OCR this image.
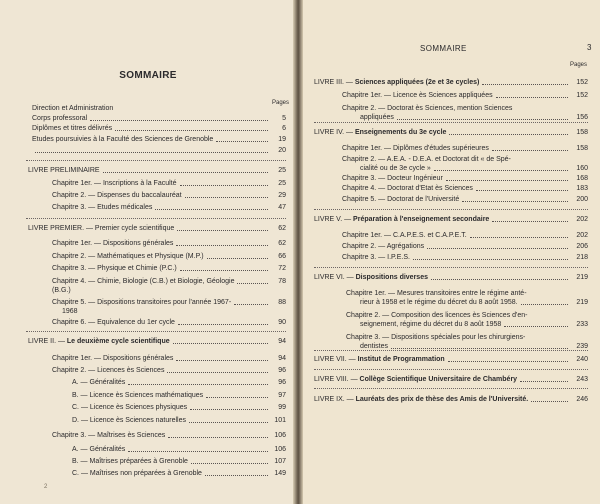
SOMMAIRE
Pages
2
Direction et Administration
Corps professoral	5
Diplômes et titres délivrés	6
Etudes poursuivies à la Faculté des Sciences de Grenoble	19
20
LIVRE PRELIMINAIRE	25
Chapitre 1er. — Inscriptions à la Faculté	25
Chapitre 2. — Dispenses du baccalauréat	29
Chapitre 3. — Etudes médicales	47
LIVRE PREMIER. — Premier cycle scientifique	62
Chapitre 1er. — Dispositions générales	62
Chapitre 2. — Mathématiques et Physique (M.P.)	66
Chapitre 3. — Physique et Chimie (P.C.)	72
Chapitre 4. — Chimie, Biologie (C.B.) et Biologie, Géologie	78
(B.G.)
Chapitre 5. — Dispositions transitoires pour l'année 1967-	88
1968
Chapitre 6. — Equivalence du 1er cycle	90
LIVRE II. — Le deuxième cycle scientifique	94
Chapitre 1er. — Dispositions générales	94
Chapitre 2. — Licences ès Sciences	96
A. — Généralités	96
B. — Licence ès Sciences mathématiques	97
C. — Licence ès Sciences physiques	99
D. — Licence ès Sciences naturelles	101
Chapitre 3. — Maîtrises ès Sciences	106
A. — Généralités	106
B. — Maîtrises préparées à Grenoble	107
C. — Maîtrises non préparées à Grenoble	149
SOMMAIRE	3
Pages
LIVRE III. — Sciences appliquées (2e et 3e cycles)	152
Chapitre 1er. — Licence ès Sciences appliquées	152
Chapitre 2. — Doctorat ès Sciences, mention Sciences
appliquées	156
LIVRE IV. — Enseignements du 3e cycle	158
Chapitre 1er. — Diplômes d'études supérieures	158
Chapitre 2. — A.E.A. - D.E.A. et Doctorat dit « de Spé-
cialité ou de 3e cycle »	160
Chapitre 3. — Docteur Ingénieur	168
Chapitre 4. — Doctorat d'Etat ès Sciences	183
Chapitre 5. — Doctorat de l'Université	200
LIVRE V. — Préparation à l'enseignement secondaire	202
Chapitre 1er. — C.A.P.E.S. et C.A.P.E.T.	202
Chapitre 2. — Agrégations	206
Chapitre 3. — I.P.E.S.	218
LIVRE VI. — Dispositions diverses	219
Chapitre 1er. — Mesures transitoires entre le régime anté-
rieur à 1958 et le régime du décret du 8 août 1958.	219
Chapitre 2. — Composition des licences ès Sciences d'en-
seignement, régime du décret du 8 août 1958	233
Chapitre 3. — Dispositions spéciales pour les chirurgiens-
dentistes	239
LIVRE VII. — Institut de Programmation	240
LIVRE VIII. — Collège Scientifique Universitaire de Chambéry	243
LIVRE IX. — Lauréats des prix de thèse des Amis de l'Université.	246
